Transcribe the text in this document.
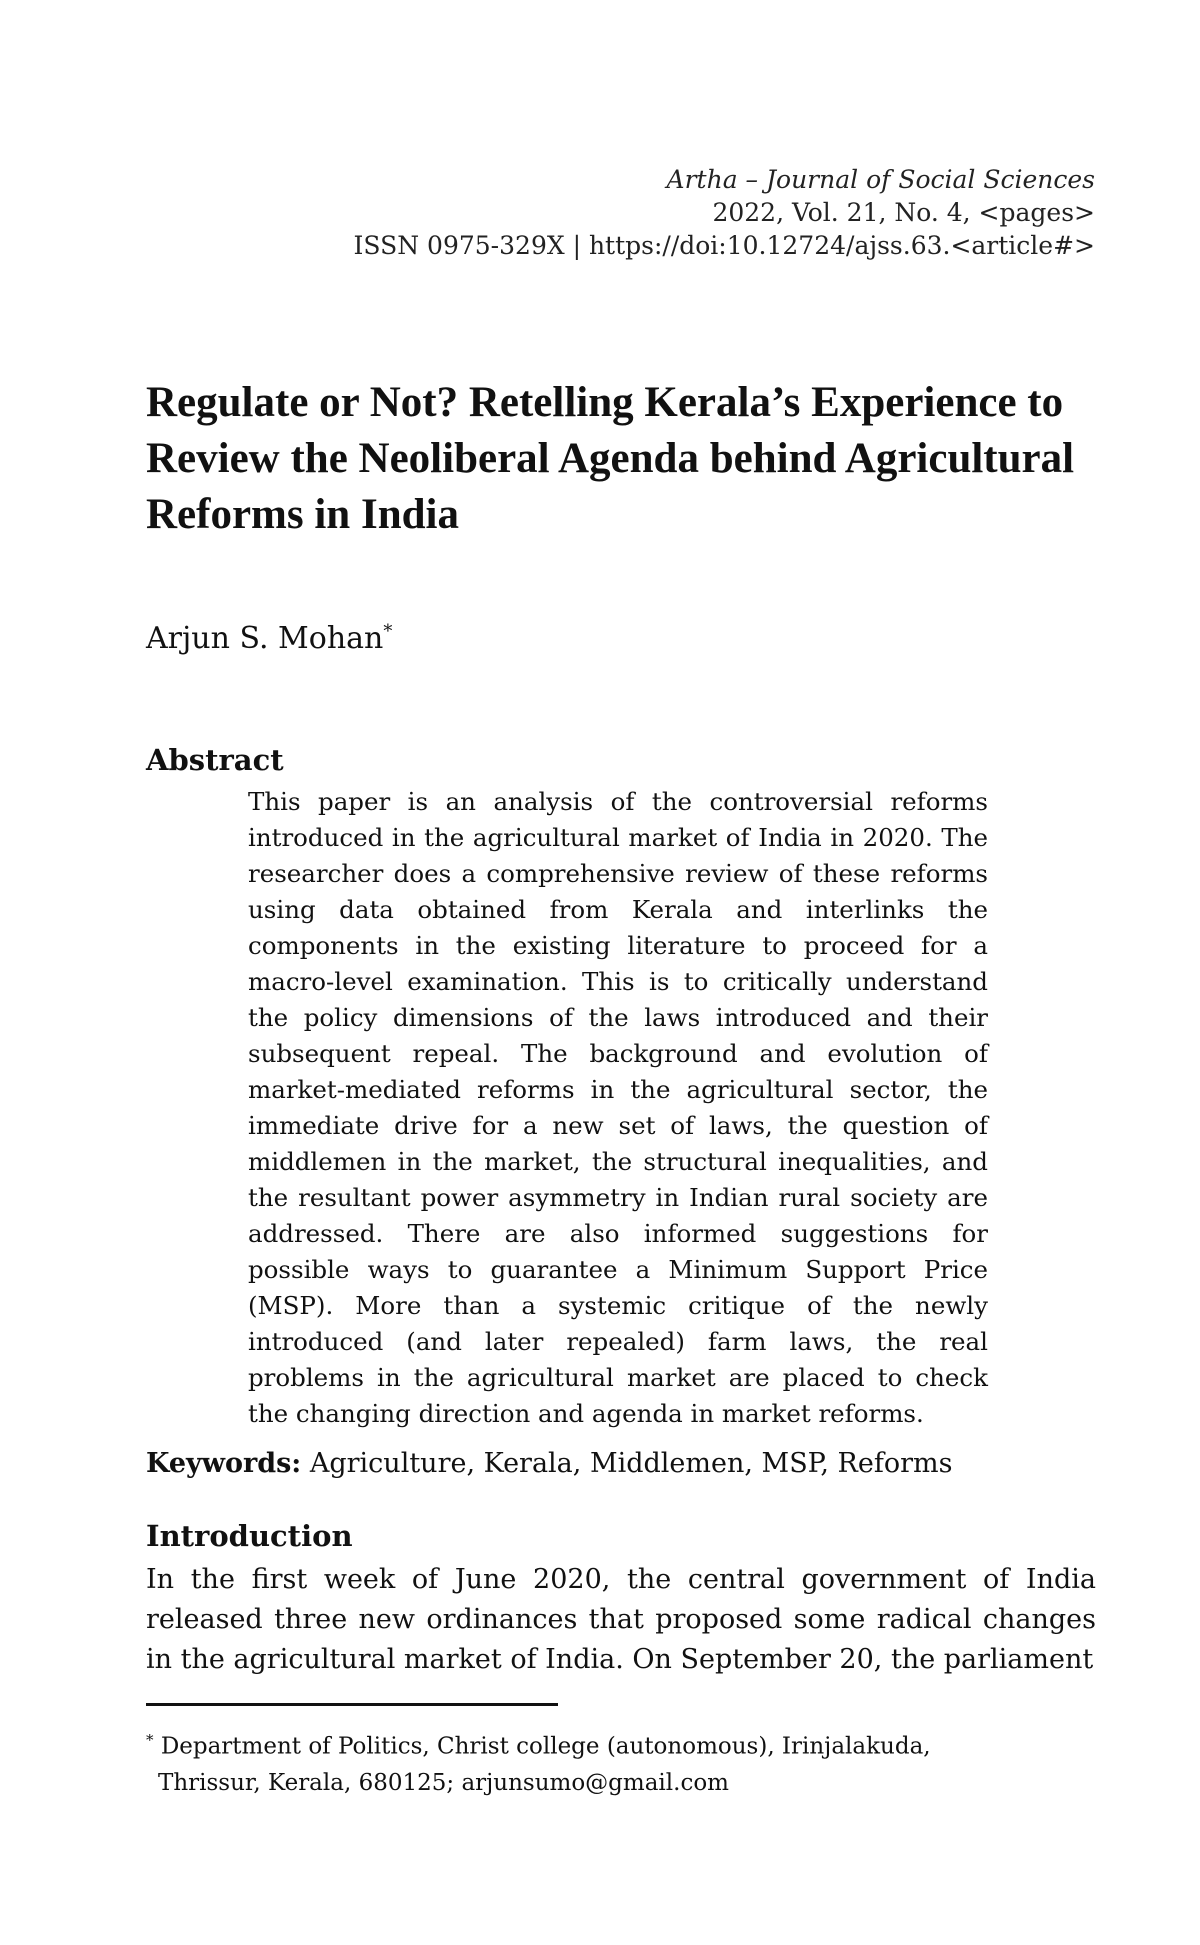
Artha – Journal of Social Sciences
2022, Vol. 21, No. 4, <pages>
ISSN 0975-329X | https://doi:10.12724/ajss.63.<article#>
Regulate or Not? Retelling Kerala’s Experience to Review the Neoliberal Agenda behind Agricultural Reforms in India
Arjun S. Mohan*
Abstract

This paper is an analysis of the controversial reforms introduced in the agricultural market of India in 2020. The researcher does a comprehensive review of these reforms using data obtained from Kerala and interlinks the components in the existing literature to proceed for a macro-level examination. This is to critically understand the policy dimensions of the laws introduced and their subsequent repeal. The background and evolution of market-mediated reforms in the agricultural sector, the immediate drive for a new set of laws, the question of middlemen in the market, the structural inequalities, and the resultant power asymmetry in Indian rural society are addressed. There are also informed suggestions for possible ways to guarantee a Minimum Support Price (MSP). More than a systemic critique of the newly introduced (and later repealed) farm laws, the real problems in the agricultural market are placed to check the changing direction and agenda in market reforms.

Keywords: Agriculture, Kerala, Middlemen, MSP, Reforms
Introduction

In the first week of June 2020, the central government of India released three new ordinances that proposed some radical changes in the agricultural market of India. On September 20, the parliament

* Department of Politics, Christ college (autonomous), Irinjalakuda,
Thrissur, Kerala, 680125; arjunsumo@gmail.com
